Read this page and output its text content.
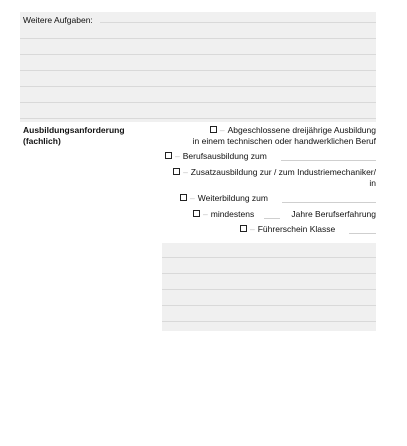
Weitere Aufgaben:
Ausbildungsanforderung
(fachlich)
– Abgeschlossene dreijährige Ausbildung
in einem technischen oder handwerklichen Beruf
– Berufsausbildung zum
– Zusatzausbildung zur / zum Industriemechaniker/
in
– Weiterbildung zum
– mindestens	Jahre Berufserfahrung
– Führerschein Klasse
